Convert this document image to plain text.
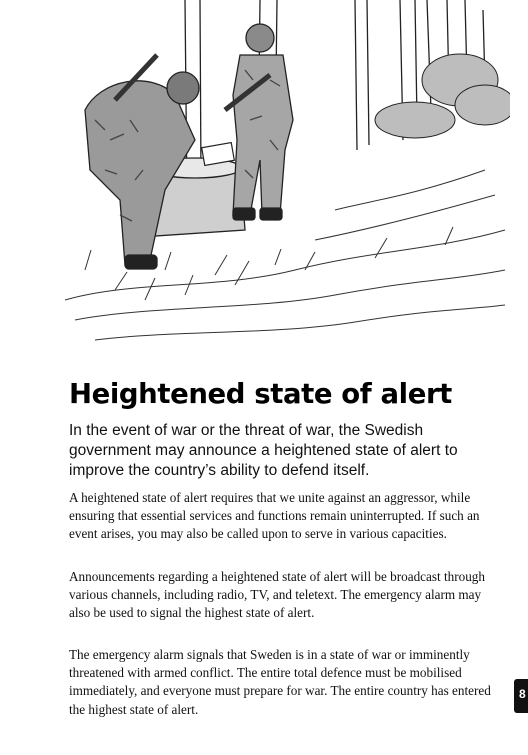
Heightened state of alert

In the event of war or the threat of war, the Swedish government may announce a heightened state of alert to improve the country’s ability to defend itself.

A heightened state of alert requires that we unite against an aggressor, while ensuring that essential services and functions remain uninterrupted. If such an event arises, you may also be called upon to serve in various capacities.

Announcements regarding a heightened state of alert will be broadcast through various channels, including radio, TV, and teletext. The emergency alarm may also be used to signal the highest state of alert.

The emergency alarm signals that Sweden is in a state of war or imminently threatened with armed conflict. The entire total defence must be mobilised immediately, and everyone must prepare for war. The entire country has entered the highest state of alert.

8
